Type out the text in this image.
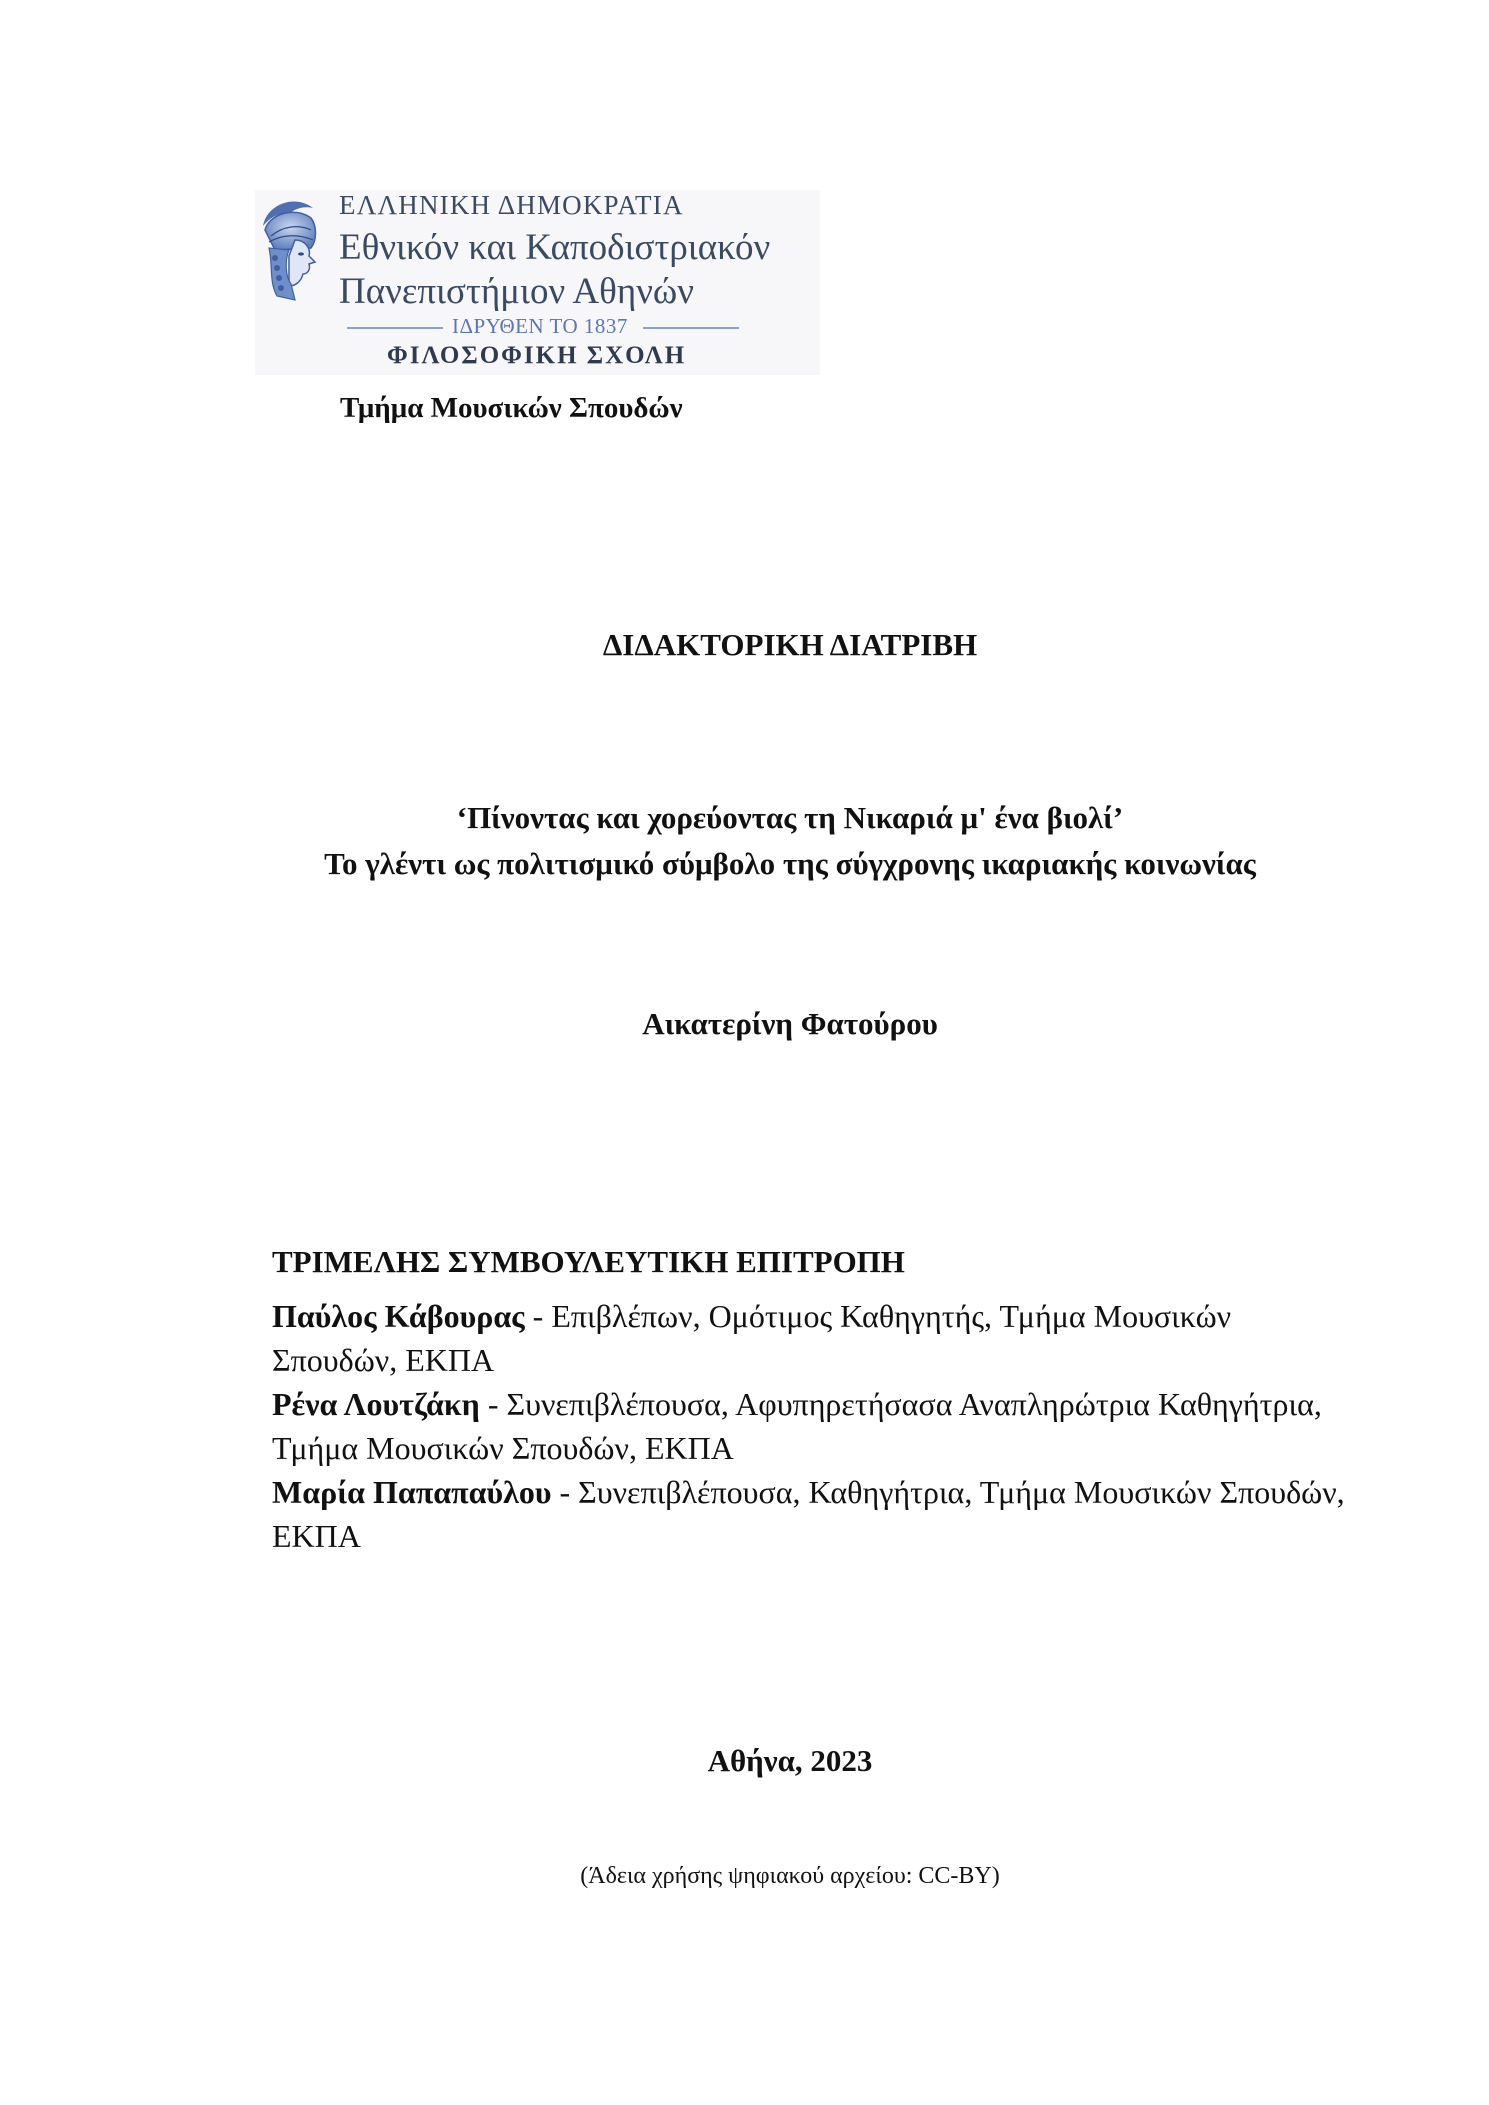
ΕΛΛΗΝΙΚΗ ΔΗΜΟΚΡΑΤΙΑ
Εθνικόν και Καποδιστριακόν
Πανεπιστήμιον Αθηνών
ΙΔΡΥΘΕΝ ΤΟ 1837
ΦΙΛΟΣΟΦΙΚΗ ΣΧΟΛΗ
Τμήμα Μουσικών Σπουδών
ΔΙΔΑΚΤΟΡΙΚΗ ΔΙΑΤΡΙΒΗ
‘Πίνοντας και χορεύοντας τη Νικαριά μ' ένα βιολί’
Το γλέντι ως πολιτισμικό σύμβολο της σύγχρονης ικαριακής κοινωνίας
Αικατερίνη Φατούρου
ΤΡΙΜΕΛΗΣ ΣΥΜΒΟΥΛΕΥΤΙΚΗ ΕΠΙΤΡΟΠΗ

Παύλος Κάβουρας - Επιβλέπων, Ομότιμος Καθηγητής, Τμήμα Μουσικών Σπουδών, ΕΚΠΑ

Ρένα Λουτζάκη - Συνεπιβλέπουσα, Αφυπηρετήσασα Αναπληρώτρια Καθηγήτρια, Τμήμα Μουσικών Σπουδών, ΕΚΠΑ

Μαρία Παπαπαύλου - Συνεπιβλέπουσα, Καθηγήτρια, Τμήμα Μουσικών Σπουδών, ΕΚΠΑ

Αθήνα, 2023
(Άδεια χρήσης ψηφιακού αρχείου: CC-BY)
